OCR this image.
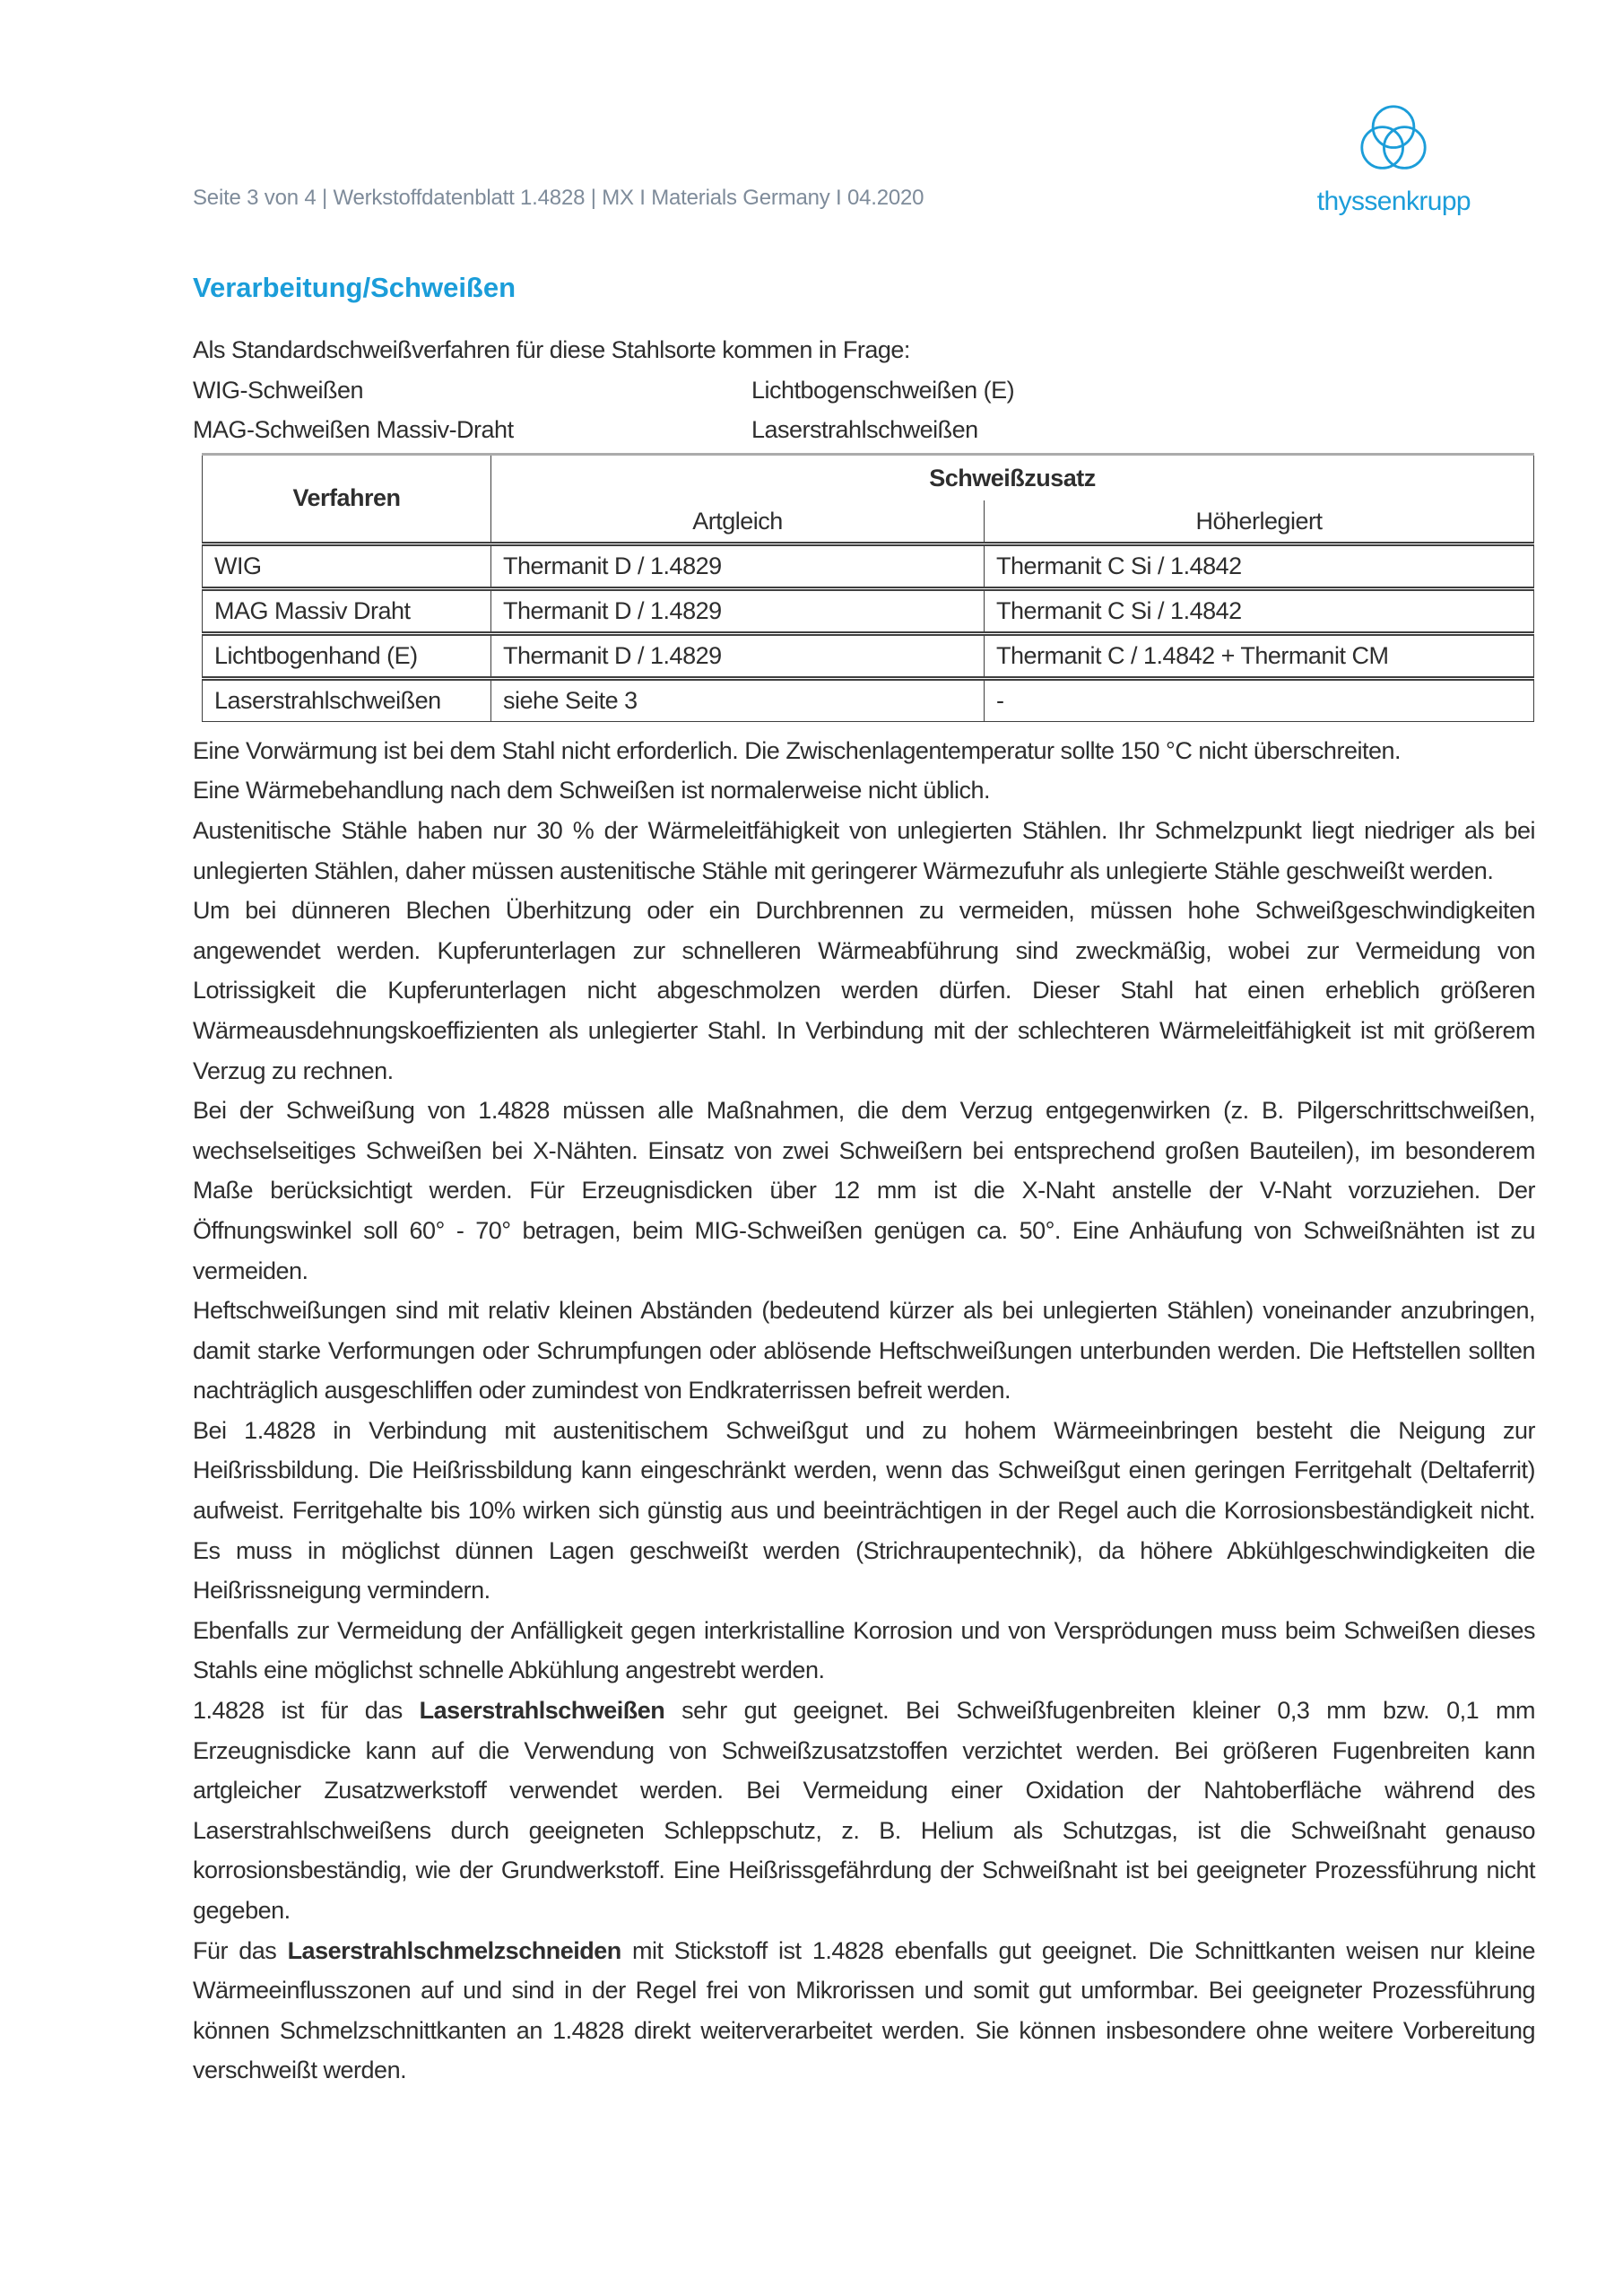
Seite 3 von 4 | Werkstoffdatenblatt 1.4828 | MX I Materials Germany I 04.2020	thyssenkrupp
Verarbeitung/Schweißen

Als Standardschweißverfahren für diese Stahlsorte kommen in Frage:

WIG-Schweißen	Lichtbogenschweißen (E)
MAG-Schweißen Massiv-Draht	Laserstrahlschweißen
Verfahren	Schweißzusatz	
	Artgleich	Höherlegiert
WIG	Thermanit D / 1.4829	Thermanit C Si / 1.4842
MAG Massiv Draht	Thermanit D / 1.4829	Thermanit C Si / 1.4842
Lichtbogenhand (E)	Thermanit D / 1.4829	Thermanit C / 1.4842 + Thermanit CM
Laserstrahlschweißen	siehe Seite 3	-

Eine Vorwärmung ist bei dem Stahl nicht erforderlich. Die Zwischenlagentemperatur sollte 150 °C nicht überschreiten.

Eine Wärmebehandlung nach dem Schweißen ist normalerweise nicht üblich.

Austenitische Stähle haben nur 30 % der Wärmeleitfähigkeit von unlegierten Stählen. Ihr Schmelzpunkt liegt niedriger als bei unlegierten Stählen, daher müssen austenitische Stähle mit geringerer Wärmezufuhr als unlegierte Stähle geschweißt werden.

Um bei dünneren Blechen Überhitzung oder ein Durchbrennen zu vermeiden, müssen hohe Schweißgeschwindigkeiten angewendet werden. Kupferunterlagen zur schnelleren Wärmeabführung sind zweckmäßig, wobei zur Vermeidung von Lotrissigkeit die Kupferunterlagen nicht abgeschmolzen werden dürfen. Dieser Stahl hat einen erheblich größeren Wärmeausdehnungskoeffizienten als unlegierter Stahl. In Verbindung mit der schlechteren Wärmeleitfähigkeit ist mit größerem Verzug zu rechnen.

Bei der Schweißung von 1.4828 müssen alle Maßnahmen, die dem Verzug entgegenwirken (z. B. Pilgerschrittschweißen, wechselseitiges Schweißen bei X-Nähten. Einsatz von zwei Schweißern bei entsprechend großen Bauteilen), im besonderem Maße berücksichtigt werden. Für Erzeugnisdicken über 12 mm ist die X-Naht anstelle der V-Naht vorzuziehen. Der Öffnungswinkel soll 60° - 70° betragen, beim MIG-Schweißen genügen ca. 50°. Eine Anhäufung von Schweißnähten ist zu vermeiden.

Heftschweißungen sind mit relativ kleinen Abständen (bedeutend kürzer als bei unlegierten Stählen) voneinander anzubringen, damit starke Verformungen oder Schrumpfungen oder ablösende Heftschweißungen unterbunden werden. Die Heftstellen sollten nachträglich ausgeschliffen oder zumindest von Endkraterrissen befreit werden.

Bei 1.4828 in Verbindung mit austenitischem Schweißgut und zu hohem Wärmeeinbringen besteht die Neigung zur Heißrissbildung. Die Heißrissbildung kann eingeschränkt werden, wenn das Schweißgut einen geringen Ferritgehalt (Deltaferrit) aufweist. Ferritgehalte bis 10% wirken sich günstig aus und beeinträchtigen in der Regel auch die Korrosionsbeständigkeit nicht. Es muss in möglichst dünnen Lagen geschweißt werden (Strichraupentechnik), da höhere Abkühlgeschwindigkeiten die Heißrissneigung vermindern.

Ebenfalls zur Vermeidung der Anfälligkeit gegen interkristalline Korrosion und von Versprödungen muss beim Schweißen dieses Stahls eine möglichst schnelle Abkühlung angestrebt werden.

1.4828 ist für das Laserstrahlschweißen sehr gut geeignet. Bei Schweißfugenbreiten kleiner 0,3 mm bzw. 0,1 mm Erzeugnisdicke kann auf die Verwendung von Schweißzusatzstoffen verzichtet werden. Bei größeren Fugenbreiten kann artgleicher Zusatzwerkstoff verwendet werden. Bei Vermeidung einer Oxidation der Nahtoberfläche während des Laserstrahlschweißens durch geeigneten Schleppschutz, z. B. Helium als Schutzgas, ist die Schweißnaht genauso korrosionsbeständig, wie der Grundwerkstoff. Eine Heißrissgefährdung der Schweißnaht ist bei geeigneter Prozessführung nicht gegeben.

Für das Laserstrahlschmelzschneiden mit Stickstoff ist 1.4828 ebenfalls gut geeignet. Die Schnittkanten weisen nur kleine Wärmeeinflusszonen auf und sind in der Regel frei von Mikrorissen und somit gut umformbar. Bei geeigneter Prozessführung können Schmelzschnittkanten an 1.4828 direkt weiterverarbeitet werden. Sie können insbesondere ohne weitere Vorbereitung verschweißt werden.
